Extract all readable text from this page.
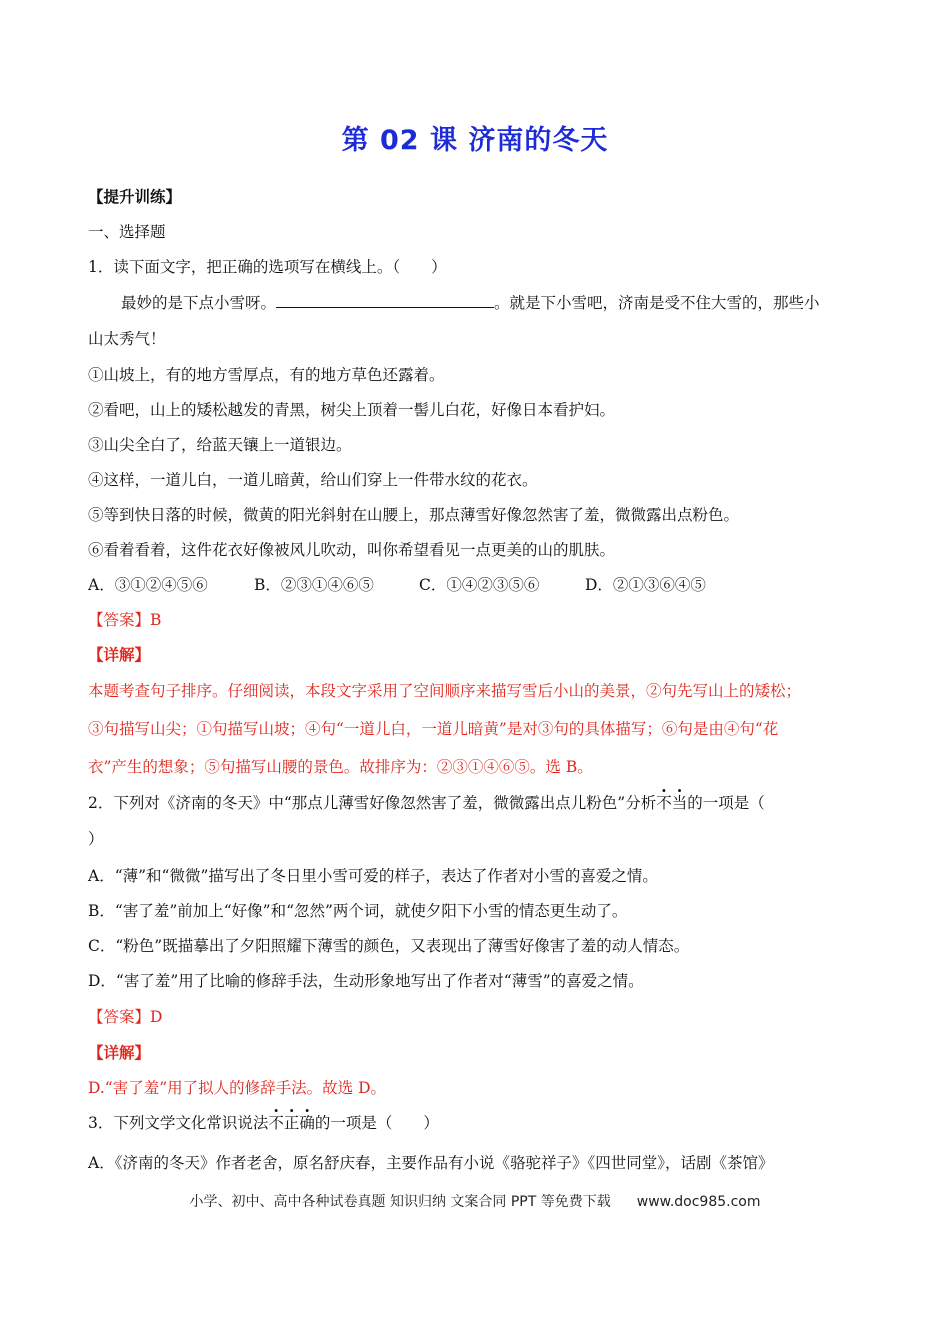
第 02 课 济南的冬天
【提升训练】
一、选择题
1．读下面文字，把正确的选项写在横线上。（　　）
最妙的是下点小雪呀。	。就是下小雪吧，济南是受不住大雪的，那些小
山太秀气！
①山坡上，有的地方雪厚点，有的地方草色还露着。
②看吧，山上的矮松越发的青黑，树尖上顶着一髻儿白花，好像日本看护妇。
③山尖全白了，给蓝天镶上一道银边。
④这样，一道儿白，一道儿暗黄，给山们穿上一件带水纹的花衣。
⑤等到快日落的时候，微黄的阳光斜射在山腰上，那点薄雪好像忽然害了羞，微微露出点粉色。
⑥看着看着，这件花衣好像被风儿吹动，叫你希望看见一点更美的山的肌肤。
A．③①②④⑤⑥	B．②③①④⑥⑤	C．①④②③⑤⑥	D．②①③⑥④⑤
【答案】B
【详解】
本题考查句子排序。仔细阅读，本段文字采用了空间顺序来描写雪后小山的美景，②句先写山上的矮松；
③句描写山尖；①句描写山坡；④句“一道儿白，一道儿暗黄”是对③句的具体描写；⑥句是由④句“花
衣”产生的想象；⑤句描写山腰的景色。故排序为：②③①④⑥⑤。选 B。
2．下列对《济南的冬天》中“那点儿薄雪好像忽然害了羞，微微露出点儿粉色”分析不当的一项是（
）
A．“薄”和“微微”描写出了冬日里小雪可爱的样子，表达了作者对小雪的喜爱之情。
B．“害了羞”前加上“好像”和“忽然”两个词，就使夕阳下小雪的情态更生动了。
C．“粉色”既描摹出了夕阳照耀下薄雪的颜色，又表现出了薄雪好像害了羞的动人情态。
D．“害了羞”用了比喻的修辞手法，生动形象地写出了作者对“薄雪”的喜爱之情。
【答案】D
【详解】
D.“害了羞”用了拟人的修辞手法。故选 D。
3．下列文学文化常识说法不正确的一项是（　　）
A．《济南的冬天》作者老舍，原名舒庆春，主要作品有小说《骆驼祥子》《四世同堂》，话剧《茶馆》
小学、初中、高中各种试卷真题 知识归纳 文案合同 PPT 等免费下载 www.doc985.com
